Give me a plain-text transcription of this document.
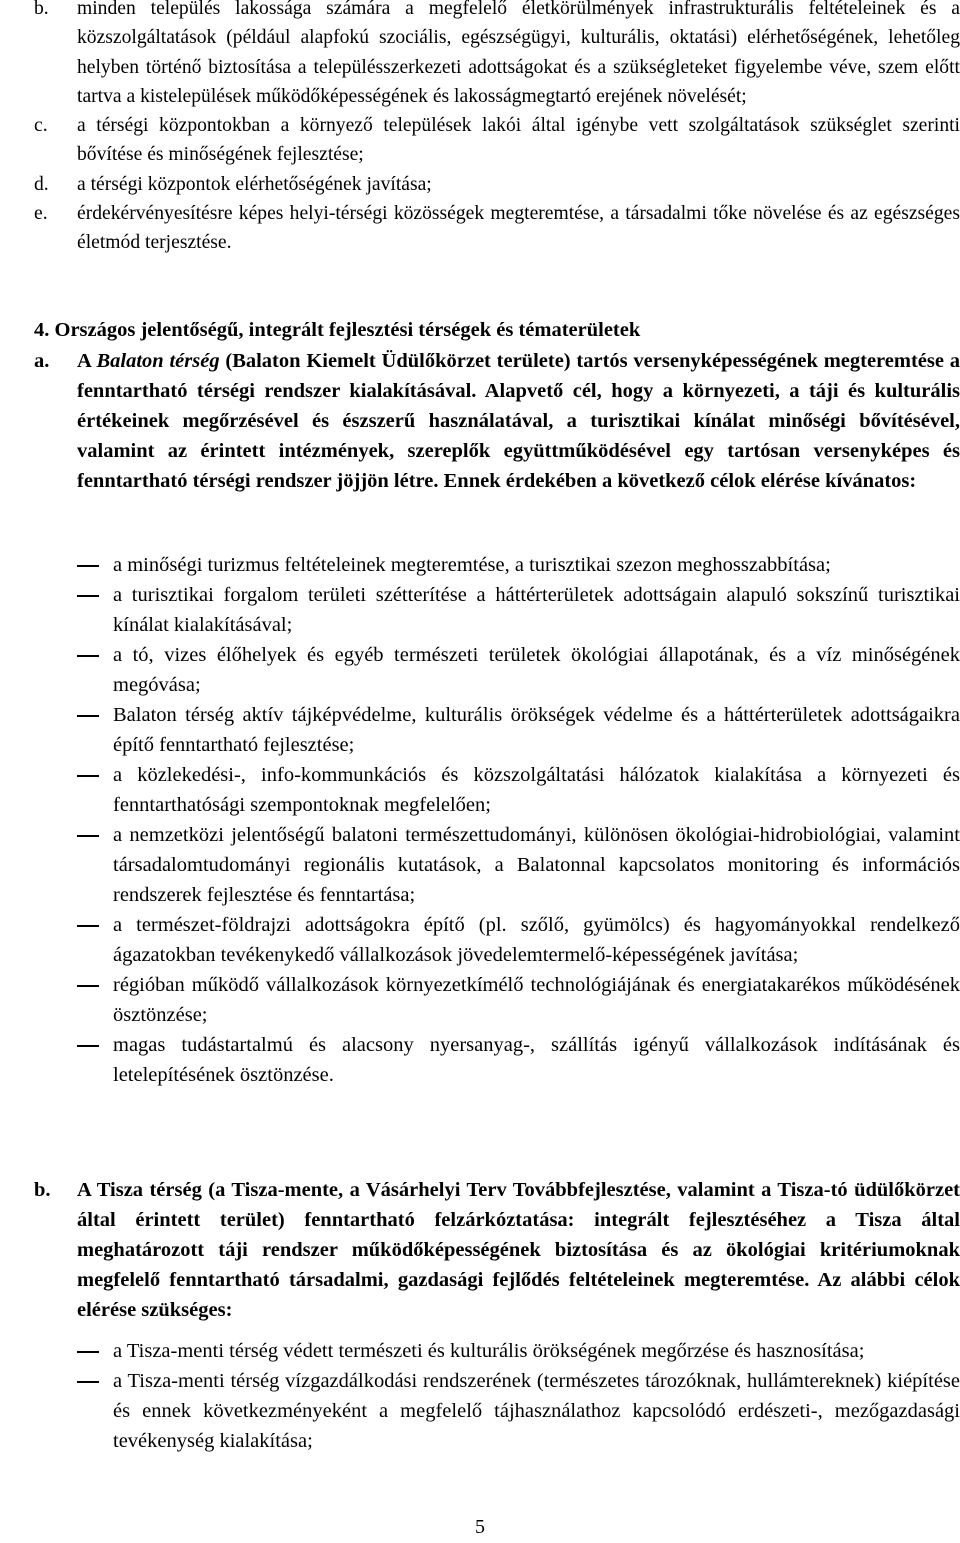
b.	minden település lakossága számára a megfelelő életkörülmények infrastrukturális feltételeinek és a közszolgáltatások (például alapfokú szociális, egészségügyi, kulturális, oktatási) elérhetőségének, lehetőleg helyben történő biztosítása a településszerkezeti adottságokat és a szükségleteket figyelembe véve, szem előtt tartva a kistelepülések működőképességének és lakosságmegtartó erejének növelését;
c.	a térségi központokban a környező települések lakói által igénybe vett szolgáltatások szükséglet szerinti bővítése és minőségének fejlesztése;
d.	a térségi központok elérhetőségének javítása;
e.	érdekérvényesítésre képes helyi-térségi közösségek megteremtése, a társadalmi tőke növelése és az egészséges életmód terjesztése.
4. Országos jelentőségű, integrált fejlesztési térségek és tématerületek
a.	A Balaton térség (Balaton Kiemelt Üdülőkörzet területe) tartós versenyképességének megteremtése a fenntartható térségi rendszer kialakításával. Alapvető cél, hogy a környezeti, a táji és kulturális értékeinek megőrzésével és észszerű használatával, a turisztikai kínálat minőségi bővítésével, valamint az érintett intézmények, szereplők együttműködésével egy tartósan versenyképes és fenntartható térségi rendszer jöjjön létre. Ennek érdekében a következő célok elérése kívánatos:
a minőségi turizmus feltételeinek megteremtése, a turisztikai szezon meghosszabbítása;
a turisztikai forgalom területi szétterítése a háttérterületek adottságain alapuló sokszínű turisztikai kínálat kialakításával;
a tó, vizes élőhelyek és egyéb természeti területek ökológiai állapotának, és a víz minőségének megóvása;
Balaton térség aktív tájképvédelme, kulturális örökségek védelme és a háttérterületek adottságaikra építő fenntartható fejlesztése;
a közlekedési-, info-kommunkációs és közszolgáltatási hálózatok kialakítása a környezeti és fenntarthatósági szempontoknak megfelelően;
a nemzetközi jelentőségű balatoni természettudományi, különösen ökológiai-hidrobiológiai, valamint társadalomtudományi regionális kutatások, a Balatonnal kapcsolatos monitoring és információs rendszerek fejlesztése és fenntartása;
a természet-földrajzi adottságokra építő (pl. szőlő, gyümölcs) és hagyományokkal rendelkező ágazatokban tevékenykedő vállalkozások jövedelemtermelő-képességének javítása;
régióban működő vállalkozások környezetkímélő technológiájának és energiatakarékos működésének ösztönzése;
magas tudástartalmú és alacsony nyersanyag-, szállítás igényű vállalkozások indításának és letelepítésének ösztönzése.
b.	A Tisza térség (a Tisza-mente, a Vásárhelyi Terv Továbbfejlesztése, valamint a Tisza-tó üdülőkörzet által érintett terület) fenntartható felzárkóztatása: integrált fejlesztéséhez a Tisza által meghatározott táji rendszer működőképességének biztosítása és az ökológiai kritériumoknak megfelelő fenntartható társadalmi, gazdasági fejlődés feltételeinek megteremtése. Az alábbi célok elérése szükséges:
a Tisza-menti térség védett természeti és kulturális örökségének megőrzése és hasznosítása;
a Tisza-menti térség vízgazdálkodási rendszerének (természetes tározóknak, hullámtereknek) kiépítése és ennek következményeként a megfelelő tájhasználathoz kapcsolódó erdészeti-, mezőgazdasági tevékenység kialakítása;
5
